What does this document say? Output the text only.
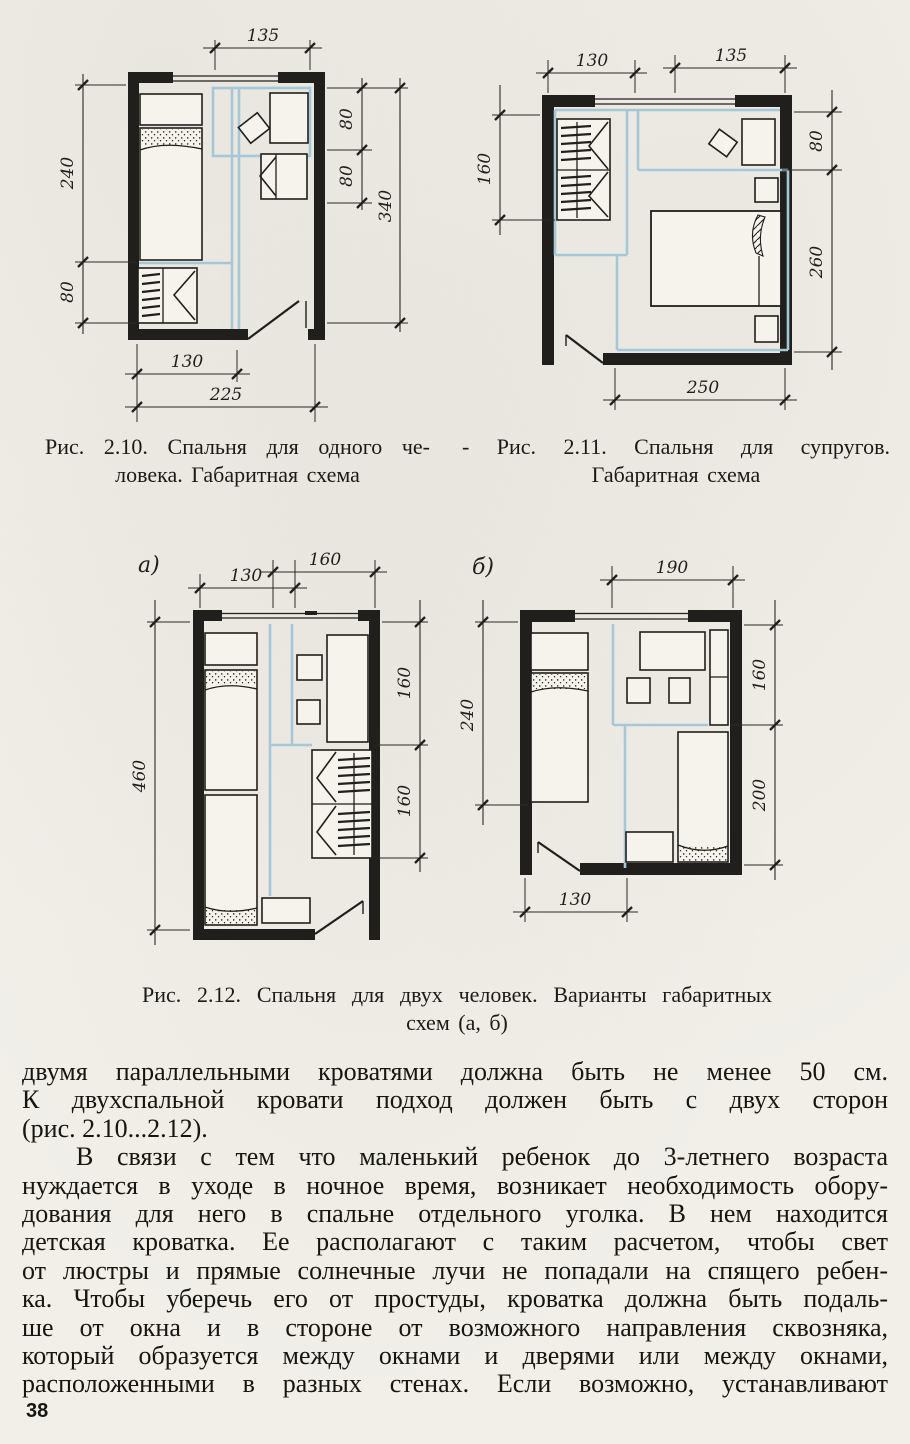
135
240
80
80
80
340
130
225
130	135
160
80
260
250
Рис. 2.10. Спальня для одного че-
ловека. Габаритная схема
- Рис. 2.11. Спальня для супругов.
Габаритная схема
а)	130
160
460
160
160
б)	190
240
160
200
130
Рис. 2.12. Спальня для двух человек. Варианты габаритных
схем (а, б)
двумя параллельными кроватями должна быть не менее 50 см.
К двухспальной кровати подход должен быть с двух сторон
(рис. 2.10...2.12).
В связи с тем что маленький ребенок до 3-летнего возраста
нуждается в уходе в ночное время, возникает необходимость обору-
дования для него в спальне отдельного уголка. В нем находится
детская кроватка. Ее располагают с таким расчетом, чтобы свет
от люстры и прямые солнечные лучи не попадали на спящего ребен-
ка. Чтобы уберечь его от простуды, кроватка должна быть подаль-
ше от окна и в стороне от возможного направления сквозняка,
который образуется между окнами и дверями или между окнами,
расположенными в разных стенах. Если возможно, устанавливают
38
